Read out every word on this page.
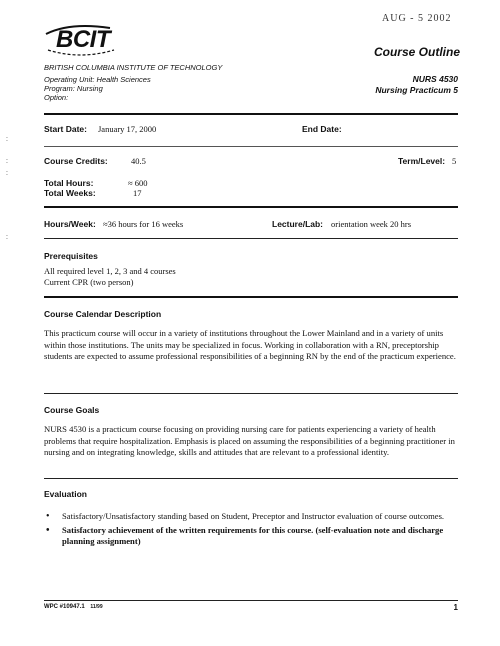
:
:
:
:
BCIT
AUG - 5 2002
Course Outline
BRITISH COLUMBIA INSTITUTE OF TECHNOLOGY
Operating Unit: Health Sciences
Program: Nursing
Option:
NURS 4530
Nursing Practicum 5
Start Date: January 17, 2000	End Date:
Course Credits:	40.5	Term/Level: 5
Total Hours:	≈ 600
Total Weeks:	17
Hours/Week: ≈36 hours for 16 weeks	Lecture/Lab: orientation week 20 hrs
Prerequisites
All required level 1, 2, 3 and 4 courses
Current CPR (two person)
Course Calendar Description
This practicum course will occur in a variety of institutions throughout the Lower Mainland and in a variety of units within those institutions. The units may be specialized in focus. Working in collaboration with a RN, preceptorship students are expected to assume professional responsibilities of a beginning RN by the end of the practicum experience.
Course Goals
NURS 4530 is a practicum course focusing on providing nursing care for patients experiencing a variety of health problems that require hospitalization. Emphasis is placed on assuming the responsibilities of a beginning practitioner in nursing and on integrating knowledge, skills and attitudes that are relevant to a professional identity.
Evaluation
• Satisfactory/Unsatisfactory standing based on Student, Preceptor and Instructor evaluation of course outcomes.
• Satisfactory achievement of the written requirements for this course. (self-evaluation note and discharge planning assignment)
WPC #10947.1 11/99	1
